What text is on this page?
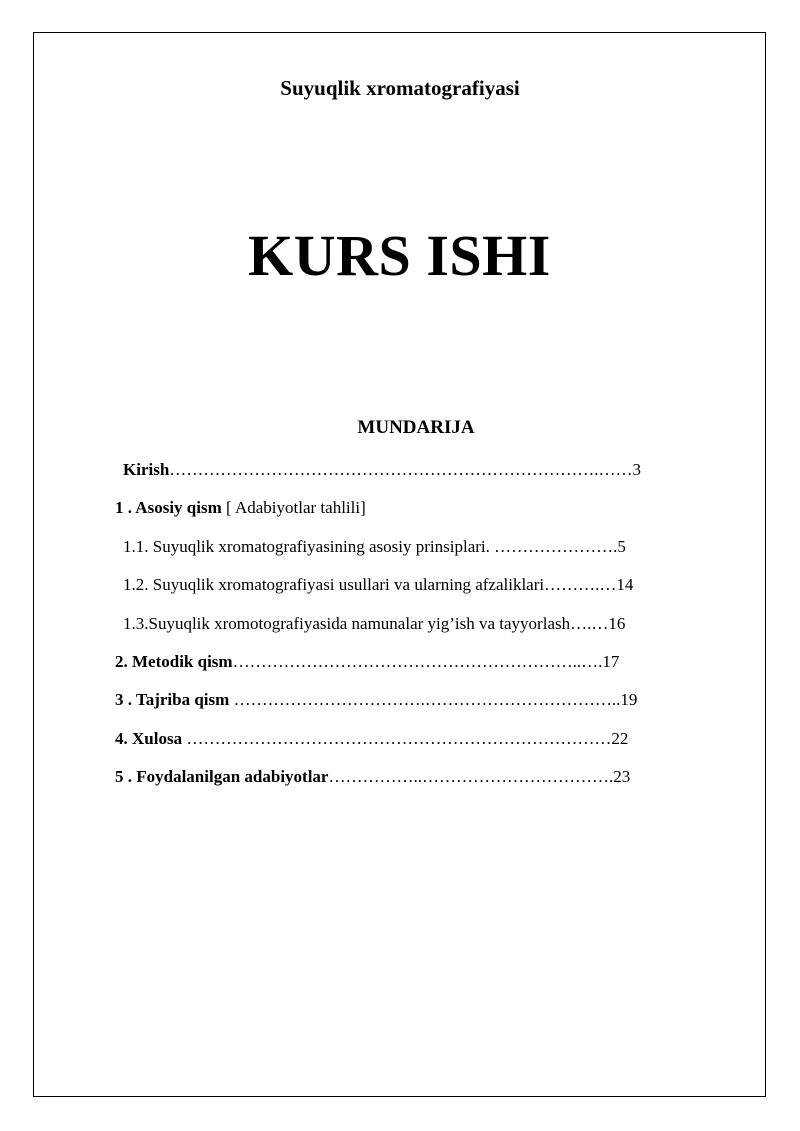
Suyuqlik xromatografiyasi
KURS ISHI
MUNDARIJA
Kirish………………………………………………………………….……3
1 . Asosiy qism [ Adabiyotlar tahlili]
1.1. Suyuqlik xromatografiyasining asosiy prinsiplari. ………………….5
1.2. Suyuqlik xromatografiyasi usullari va ularning afzaliklari……….…14
1.3.Suyuqlik xromotografiyasida namunalar yig’ish va tayyorlash….…16
2. Metodik qism……………………………………………………..….17
3 . Tajriba qism …………………………….……………………………..19
4. Xulosa …………………………………………………………………22
5 . Foydalanilgan adabiyotlar……………..…………………………….23
